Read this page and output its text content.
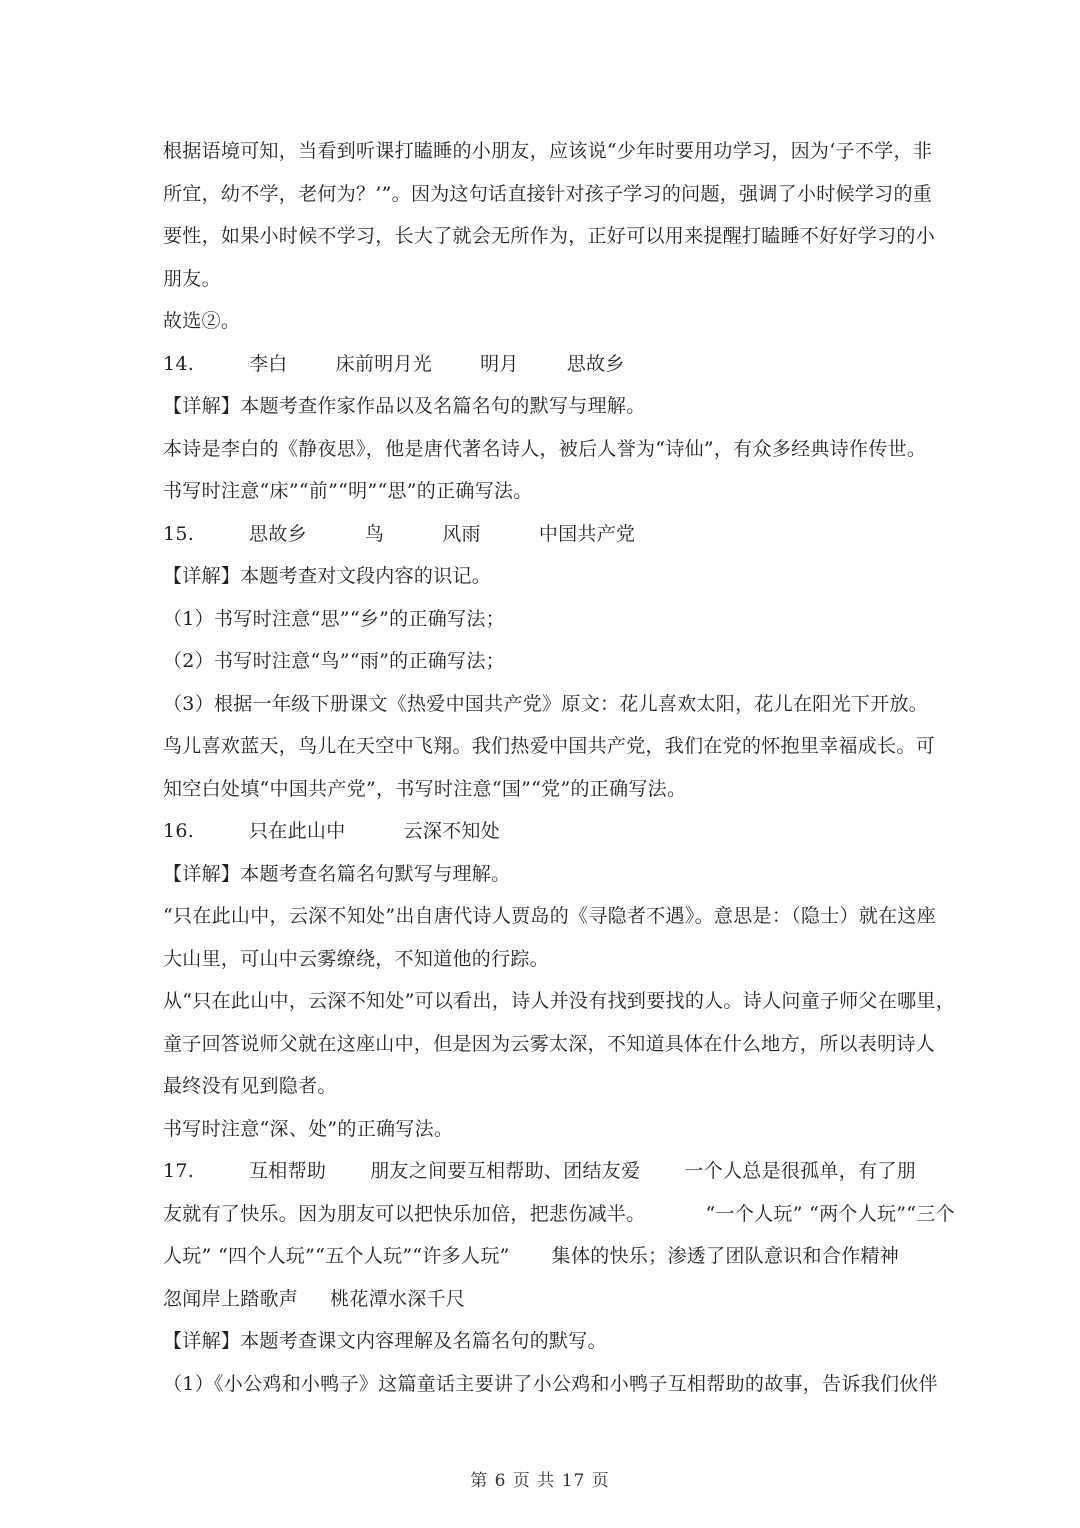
根据语境可知，当看到听课打瞌睡的小朋友，应该说“少年时要用功学习，因为‘子不学，非
所宜，幼不学，老何为？’”。因为这句话直接针对孩子学习的问题，强调了小时候学习的重
要性，如果小时候不学习，长大了就会无所作为，正好可以用来提醒打瞌睡不好好学习的小
朋友。
故选②。
14.	李白	床前明月光	明月	思故乡
【详解】本题考查作家作品以及名篇名句的默写与理解。
本诗是李白的《静夜思》，他是唐代著名诗人，被后人誉为“诗仙”，有众多经典诗作传世。
书写时注意“床”“前”“明”“思”的正确写法。
15.	思故乡	鸟	风雨	中国共产党
【详解】本题考查对文段内容的识记。
（1）书写时注意“思”“乡”的正确写法；
（2）书写时注意“鸟”“雨”的正确写法；
（3）根据一年级下册课文《热爱中国共产党》原文：花儿喜欢太阳，花儿在阳光下开放。
鸟儿喜欢蓝天，鸟儿在天空中飞翔。我们热爱中国共产党，我们在党的怀抱里幸福成长。可
知空白处填“中国共产党”，书写时注意“国”“党”的正确写法。
16.	只在此山中	云深不知处
【详解】本题考查名篇名句默写与理解。
“只在此山中，云深不知处”出自唐代诗人贾岛的《寻隐者不遇》。意思是：（隐士）就在这座
大山里，可山中云雾缭绕，不知道他的行踪。
从“只在此山中，云深不知处”可以看出，诗人并没有找到要找的人。诗人问童子师父在哪里，
童子回答说师父就在这座山中，但是因为云雾太深，不知道具体在什么地方，所以表明诗人
最终没有见到隐者。
书写时注意“深、处”的正确写法。
17.	互相帮助 朋友之间要互相帮助、团结友爱 一个人总是很孤单，有了朋
友就有了快乐。因为朋友可以把快乐加倍，把悲伤减半。	“一个人玩” “两个人玩”“三个
人玩” “四个人玩”“五个人玩”“许多人玩” 集体的快乐；渗透了团队意识和合作精神
忽闻岸上踏歌声 桃花潭水深千尺
【详解】本题考查课文内容理解及名篇名句的默写。
（1）《小公鸡和小鸭子》这篇童话主要讲了小公鸡和小鸭子互相帮助的故事，告诉我们伙伴
第 6 页 共 17 页
